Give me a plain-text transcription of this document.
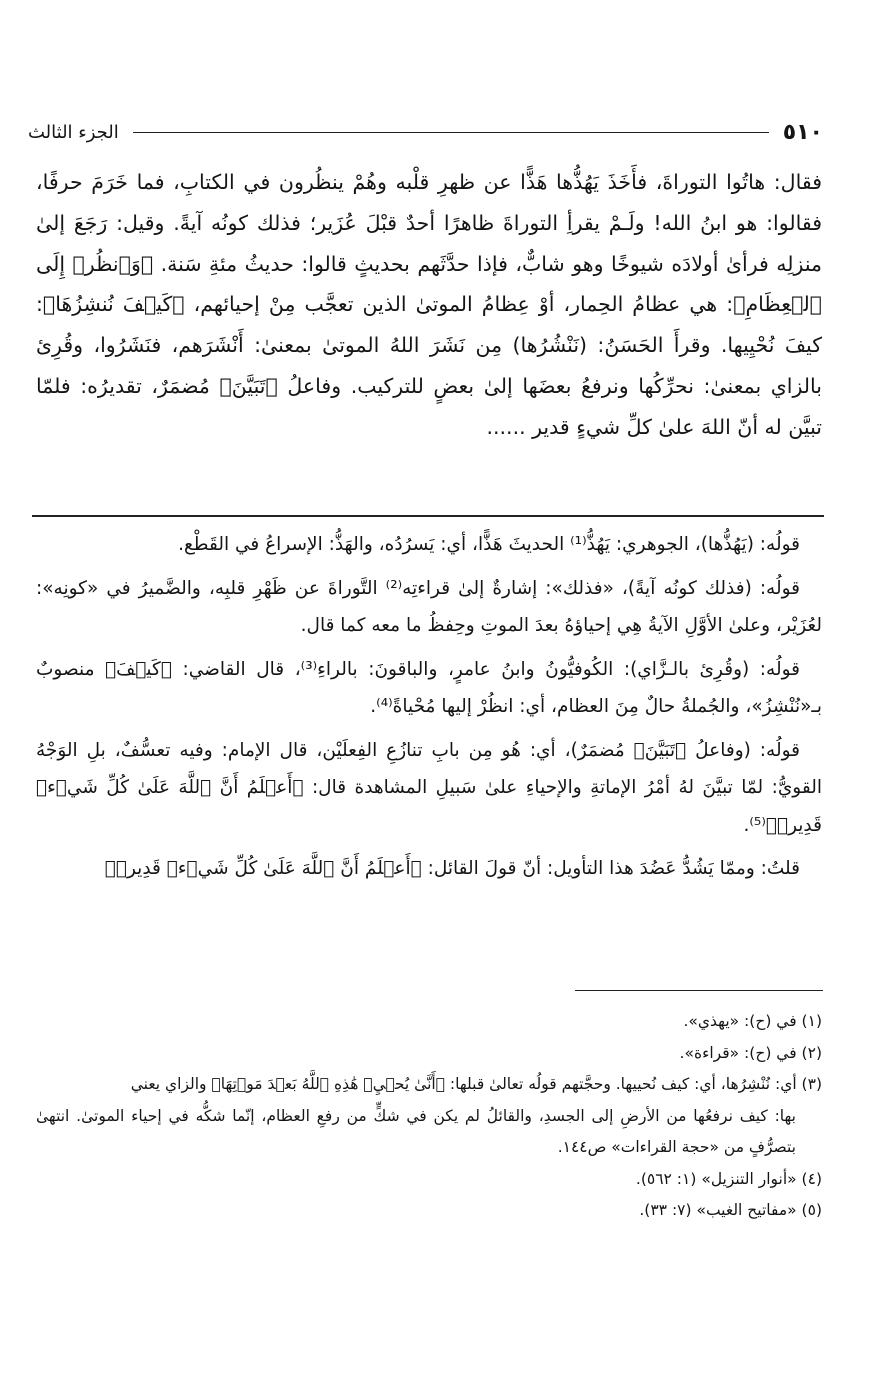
الجزء الثالث	٥١٠

فقال: هاتُوا التوراةَ، فأَخَذَ يَهُذُّها هَذًّا عن ظهرِ قلْبه وهُمْ ينظُرون في الكتابِ، فما خَرَمَ حرفًا، فقالوا: هو ابنُ الله! ولَـمْ يقرأِ التوراةَ ظاهرًا أحدٌ قبْلَ عُزَير؛ فذلك كونُه آيةً. وقيل: رَجَعَ إلىٰ منزلِه فرأىٰ أولادَه شيوخًا وهو شابٌّ، فإذا حدَّثَهم بحديثٍ قالوا: حديثُ مئةِ سَنة. ﴿وَٱنظُرۡ إِلَى ٱلۡعِظَامِ﴾: هي عظامُ الحِمار، أوْ عِظامُ الموتىٰ الذين تعجَّب مِنْ إحيائهم، ﴿كَيۡفَ نُنشِزُهَا﴾: كيفَ نُحْيِيها. وقرأَ الحَسَنُ: (نَنْشُرُها) مِن نَشَرَ اللهُ الموتىٰ بمعنىٰ: أَنْشَرَهم، فنَشَرُوا، وقُرِئ بالزاي بمعنىٰ: نحرِّكُها ونرفعُ بعضَها إلىٰ بعضٍ للتركيب. وفاعلُ ﴿تَبَيَّنَ﴾ مُضمَرٌ، تقديرُه: فلمّا تبيَّن له أنّ اللهَ علىٰ كلِّ شيءٍ قدير ......

قولُه: (يَهُذُّها)، الجوهري: يَهُذُّ⁽¹⁾ الحديثَ هَذًّا، أي: يَسرُدُه، والهَذُّ: الإسراعُ في القَطْع.

قولُه: (فذلك كونُه آيةً)، «فذلك»: إشارةٌ إلىٰ قراءتِه⁽²⁾ التَّوراةَ عن ظَهْرِ قلبِه، والضَّميرُ في «كونِه»: لعُزَيْر، وعلىٰ الأوَّلِ الآيةُ هِي إحياؤهُ بعدَ الموتِ وحِفظُ ما معه كما قال.

قولُه: (وقُرِئ بالـزَّاي): الكُوفيُّونُ وابنُ عامرٍ، والباقونَ: بالراءِ⁽³⁾، قال القاضي: ﴿كَيۡفَ﴾ منصوبٌ بـ«نُنْشِزُ»، والجُملةُ حالٌ مِنَ العظام، أي: انظُرْ إليها مُحْياةً⁽⁴⁾.

قولُه: (وفاعلُ ﴿تَبَيَّنَ﴾ مُضمَرٌ)، أي: هُو مِن بابِ تنازُعِ الفِعلَيْن، قال الإمام: وفيه تعسُّفٌ، بلِ الوَجْهُ القويُّ: لمّا تبيَّنَ لهُ أمْرُ الإماتةِ والإحياءِ علىٰ سَبيلِ المشاهدة قال: ﴿أَعۡلَمُ أَنَّ ٱللَّهَ عَلَىٰ كُلِّ شَيۡءٖ قَدِيرٞ﴾⁽⁵⁾.

قلتُ: وممّا يَشُدُّ عَضُدَ هذا التأويل: أنّ قولَ القائل: ﴿أَعۡلَمُ أَنَّ ٱللَّهَ عَلَىٰ كُلِّ شَيۡءٖ قَدِيرٞ﴾

(١) في (ح): «يهذي».

(٢) في (ح): «قراءة».

(٣) أي: نُنْشِرُها، أي: كيف نُحييها. وحجَّتهم قولُه تعالىٰ قبلها: ﴿أَنَّىٰ يُحۡيِۦ هَٰذِهِ ٱللَّهُ بَعۡدَ مَوۡتِهَا﴾ والزاي يعني

بها: كيف نرفعُها من الأرضِ إلى الجسدِ، والقائلُ لم يكن في شكٍّ من رفعِ العظام، إنّما شكُّه في إحياء الموتىٰ. انتهىٰ بتصرُّفٍ من «حجة القراءات» ص١٤٤.

(٤) «أنوار التنزيل» (١: ٥٦٢).

(٥) «مفاتيح الغيب» (٧: ٣٣).
